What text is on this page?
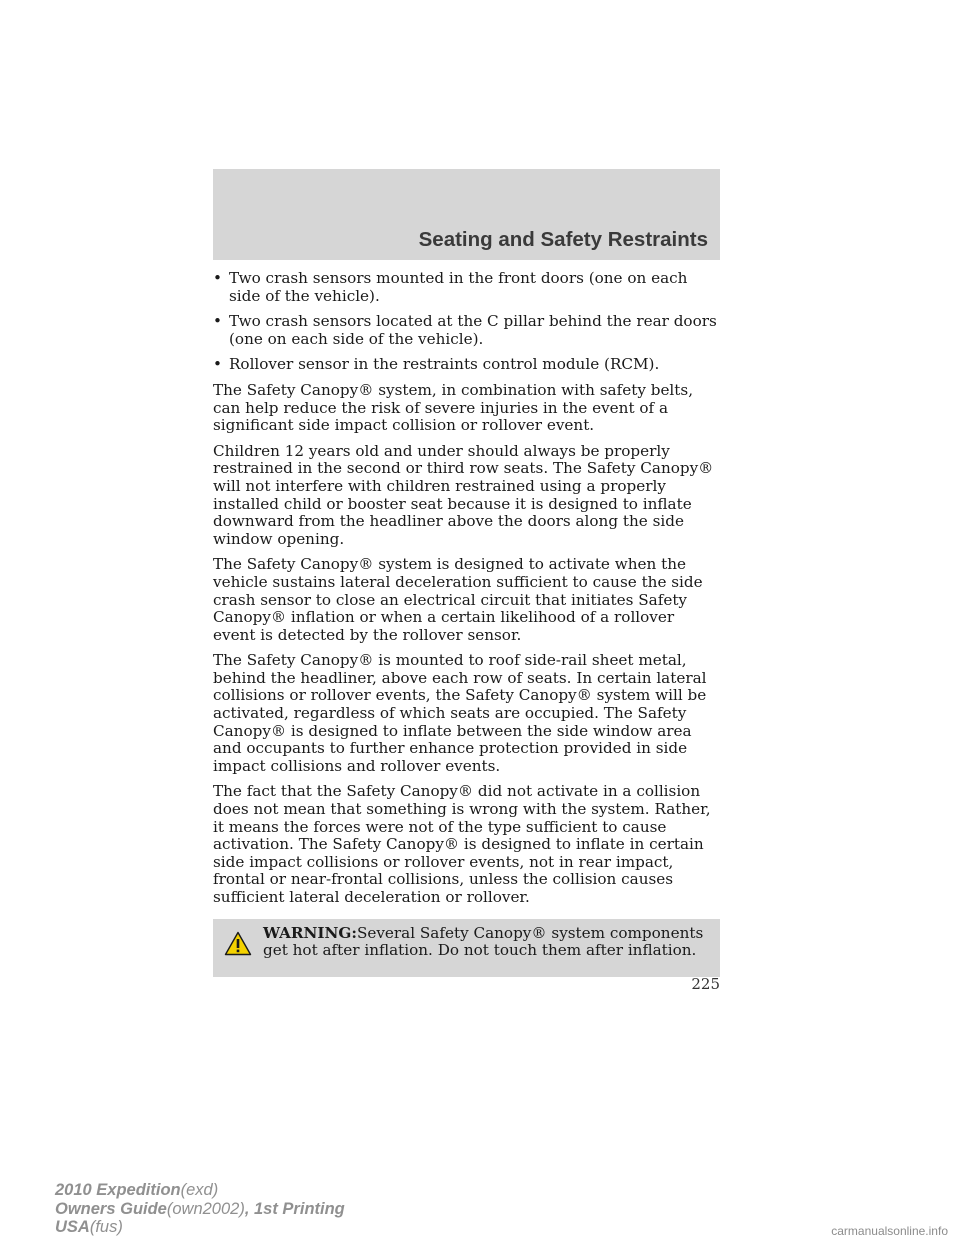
Seating and Safety Restraints
• Two crash sensors mounted in the front doors (one on each side of the vehicle).
• Two crash sensors located at the C pillar behind the rear doors (one on each side of the vehicle).
• Rollover sensor in the restraints control module (RCM).

The Safety Canopy® system, in combination with safety belts, can help reduce the risk of severe injuries in the event of a significant side impact collision or rollover event.

Children 12 years old and under should always be properly restrained in the second or third row seats. The Safety Canopy® will not interfere with children restrained using a properly installed child or booster seat because it is designed to inflate downward from the headliner above the doors along the side window opening.

The Safety Canopy® system is designed to activate when the vehicle sustains lateral deceleration sufficient to cause the side crash sensor to close an electrical circuit that initiates Safety Canopy® inflation or when a certain likelihood of a rollover event is detected by the rollover sensor.

The Safety Canopy® is mounted to roof side-rail sheet metal, behind the headliner, above each row of seats. In certain lateral collisions or rollover events, the Safety Canopy® system will be activated, regardless of which seats are occupied. The Safety Canopy® is designed to inflate between the side window area and occupants to further enhance protection provided in side impact collisions and rollover events.

The fact that the Safety Canopy® did not activate in a collision does not mean that something is wrong with the system. Rather, it means the forces were not of the type sufficient to cause activation. The Safety Canopy® is designed to inflate in certain side impact collisions or rollover events, not in rear impact, frontal or near-frontal collisions, unless the collision causes sufficient lateral deceleration or rollover.

WARNING:Several Safety Canopy® system components get hot after inflation. Do not touch them after inflation.

225
2010 Expedition(exd)
Owners Guide(own2002), 1st Printing
USA(fus)	carmanualsonline.info
